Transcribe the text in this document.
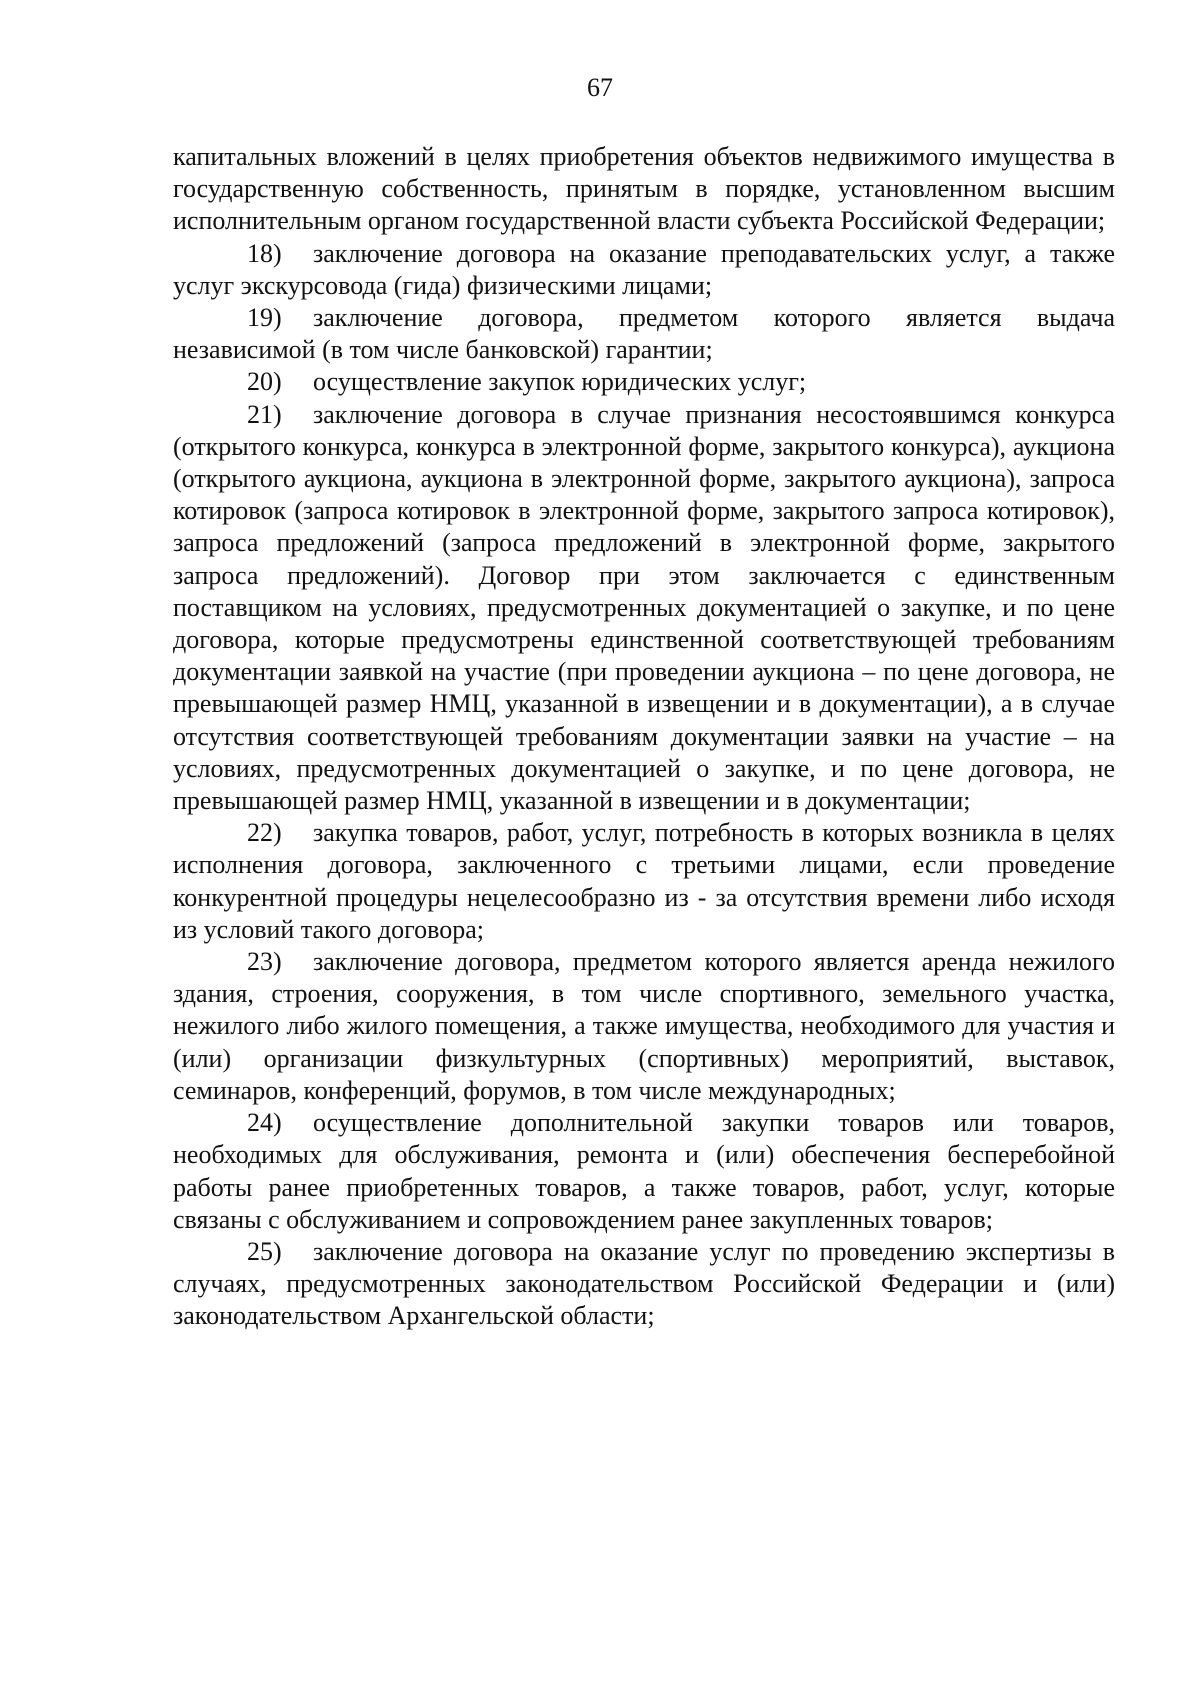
67

капитальных вложений в целях приобретения объектов недвижимого имущества в государственную собственность, принятым в порядке, установленном высшим исполнительным органом государственной власти субъекта Российской Федерации;

18) заключение договора на оказание преподавательских услуг, а также услуг экскурсовода (гида) физическими лицами;

19) заключение договора, предметом которого является выдача независимой (в том числе банковской) гарантии;

20) осуществление закупок юридических услуг;

21) заключение договора в случае признания несостоявшимся конкурса (открытого конкурса, конкурса в электронной форме, закрытого конкурса), аукциона (открытого аукциона, аукциона в электронной форме, закрытого аукциона), запроса котировок (запроса котировок в электронной форме, закрытого запроса котировок), запроса предложений (запроса предложений в электронной форме, закрытого запроса предложений). Договор при этом заключается с единственным поставщиком на условиях, предусмотренных документацией о закупке, и по цене договора, которые предусмотрены единственной соответствующей требованиям документации заявкой на участие (при проведении аукциона – по цене договора, не превышающей размер НМЦ, указанной в извещении и в документации), а в случае отсутствия соответствующей требованиям документации заявки на участие – на условиях, предусмотренных документацией о закупке, и по цене договора, не превышающей размер НМЦ, указанной в извещении и в документации;

22) закупка товаров, работ, услуг, потребность в которых возникла в целях исполнения договора, заключенного с третьими лицами, если проведение конкурентной процедуры нецелесообразно из - за отсутствия времени либо исходя из условий такого договора;

23) заключение договора, предметом которого является аренда нежилого здания, строения, сооружения, в том числе спортивного, земельного участка, нежилого либо жилого помещения, а также имущества, необходимого для участия и (или) организации физкультурных (спортивных) мероприятий, выставок, семинаров, конференций, форумов, в том числе международных;

24) осуществление дополнительной закупки товаров или товаров, необходимых для обслуживания, ремонта и (или) обеспечения бесперебойной работы ранее приобретенных товаров, а также товаров, работ, услуг, которые связаны с обслуживанием и сопровождением ранее закупленных товаров;

25) заключение договора на оказание услуг по проведению экспертизы в случаях, предусмотренных законодательством Российской Федерации и (или) законодательством Архангельской области;
